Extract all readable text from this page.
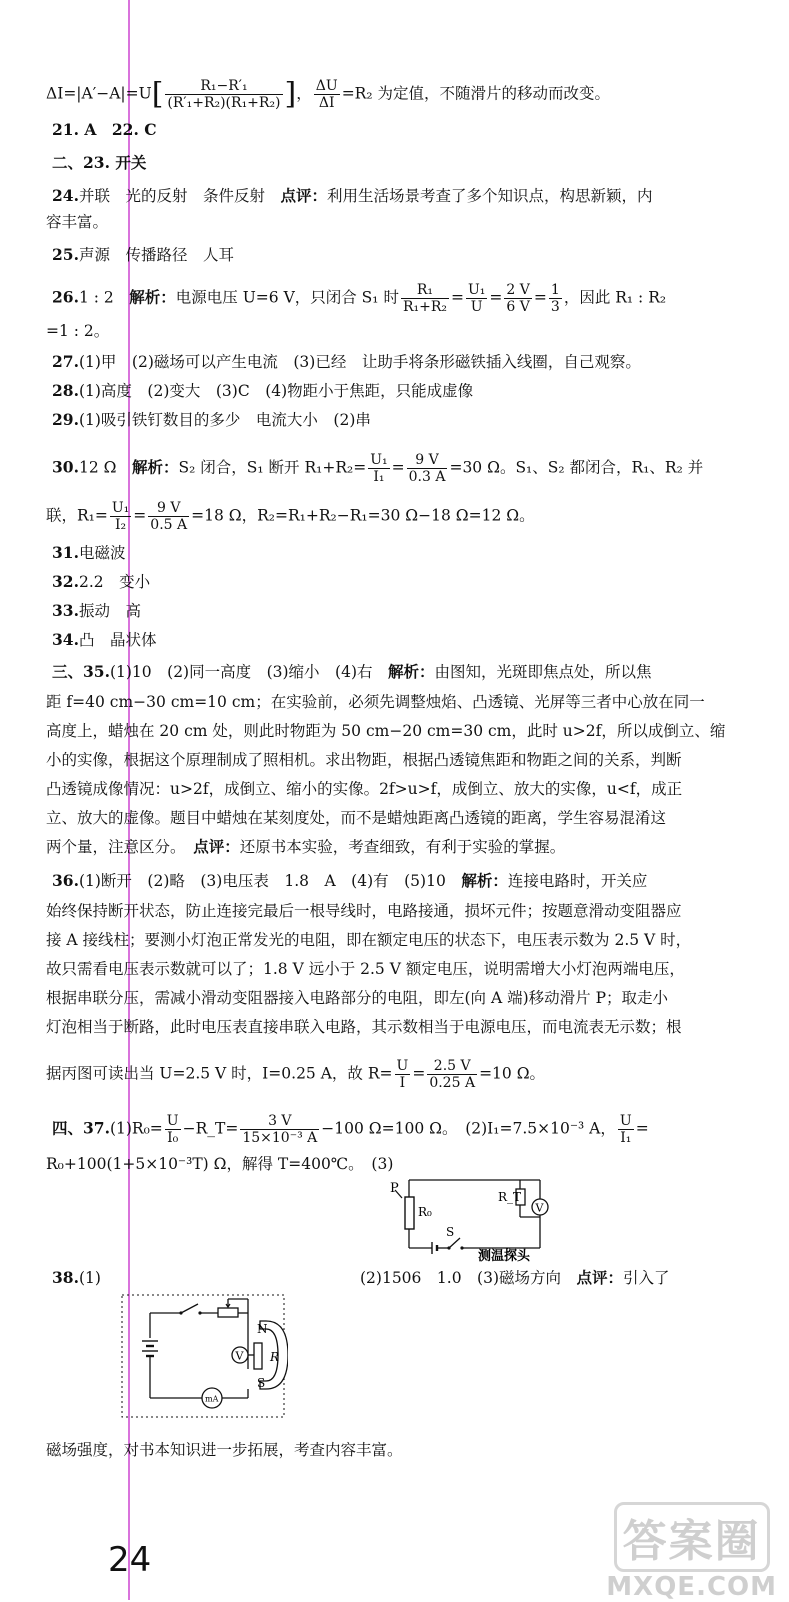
$\Delta I=|A'-A|=U[ \frac{\text{R₁−R′₁}}{\text{(R′₁+R₂)(R₁+R₂)}}$ ]， $\frac{\Delta U}{\Delta I} =R_2$ 为定值，不随滑片的移动而改变。
21. A　22. C
二、23. 开关
24.并联　光的反射　条件反射　点评：利用生活场景考查了多个知识点，构思新颖，内
容丰富。
25.声源　传播路径　人耳
26.1 : 2　解析：电源电压 U=6 V，只闭合 S₁ 时 $\frac{\text{R₁}}{\text{R₁+R₂}} = \frac{\text{U₁}}{U} = \frac{2 V}{6 V} = \frac{1}{3}$ ，因此 R₁ : R₂
=1 : 2。
27.(1)甲　(2)磁场可以产生电流　(3)已经　让助手将条形磁铁插入线圈，自己观察。
28.(1)高度　(2)变大　(3)C　(4)物距小于焦距，只能成虚像
29.(1)吸引铁钉数目的多少　电流大小　(2)串
30.12 Ω　解析：S₂ 闭合，S₁ 断开 $R_1+R_2= \frac{\text{U₁}}{\text{I₁}} = \frac{9 V}{0.3 A} =30$ Ω。S₁、S₂ 都闭合，R₁、R₂ 并
联，$R_1= \frac{\text{U₁}}{\text{I₂}} = \frac{9 V}{0.5 A} =18$ Ω，R₂=R₁+R₂−R₁=30 Ω−18 Ω=12 Ω。
31.电磁波
32.2.2　变小
33.振动　高
34.凸　晶状体
三、35.(1)10　(2)同一高度　(3)缩小　(4)右　解析：由图知，光斑即焦点处，所以焦
距 f=40 cm−30 cm=10 cm；在实验前，必须先调整烛焰、凸透镜、光屏等三者中心放在同一
高度上，蜡烛在 20 cm 处，则此时物距为 50 cm−20 cm=30 cm，此时 u>2f，所以成倒立、缩
小的实像，根据这个原理制成了照相机。求出物距，根据凸透镜焦距和物距之间的关系，判断
凸透镜成像情况：u>2f，成倒立、缩小的实像。2f>u>f，成倒立、放大的实像，u<f，成正
立、放大的虚像。题目中蜡烛在某刻度处，而不是蜡烛距离凸透镜的距离，学生容易混淆这
两个量，注意区分。　点评：还原书本实验，考查细致，有利于实验的掌握。
36.(1)断开　(2)略　(3)电压表　1.8　A　(4)有　(5)10　解析：连接电路时，开关应
始终保持断开状态，防止连接完最后一根导线时，电路接通，损坏元件；按题意滑动变阻器应
接 A 接线柱；要测小灯泡正常发光的电阻，即在额定电压的状态下，电压表示数为 2.5 V 时，
故只需看电压表示数就可以了；1.8 V 远小于 2.5 V 额定电压，说明需增大小灯泡两端电压，
根据串联分压，需减小滑动变阻器接入电路部分的电阻，即左(向 A 端)移动滑片 P；取走小
灯泡相当于断路，此时电压表直接串联入电路，其示数相当于电源电压，而电流表无示数；根
据丙图可读出当 U=2.5 V 时，I=0.25 A，故 $R= \frac{U}{I} = \frac{2.5 V}{0.25 A} =10$ Ω。
四、$37.(1)R_0= \frac{U}{\text{I₀}}$ −R_T= $\frac{3 V}{\text{15×10⁻³ A}} -100$ Ω=100 Ω。　(2)I₁=7.5×10⁻³ A， $\frac{U}{\text{I₁}}$ =
R₀+100(1+5×10⁻³T) Ω，解得 T=400℃。　(3)
P
R₀
S
R_T
V
测温探头
38.(1)	(2)1506　1.0　(3)磁场方向　点评：引入了
mA
V
N
S
R
磁场强度，对书本知识进一步拓展，考查内容丰富。
24	答案圈
MXQE.COM
